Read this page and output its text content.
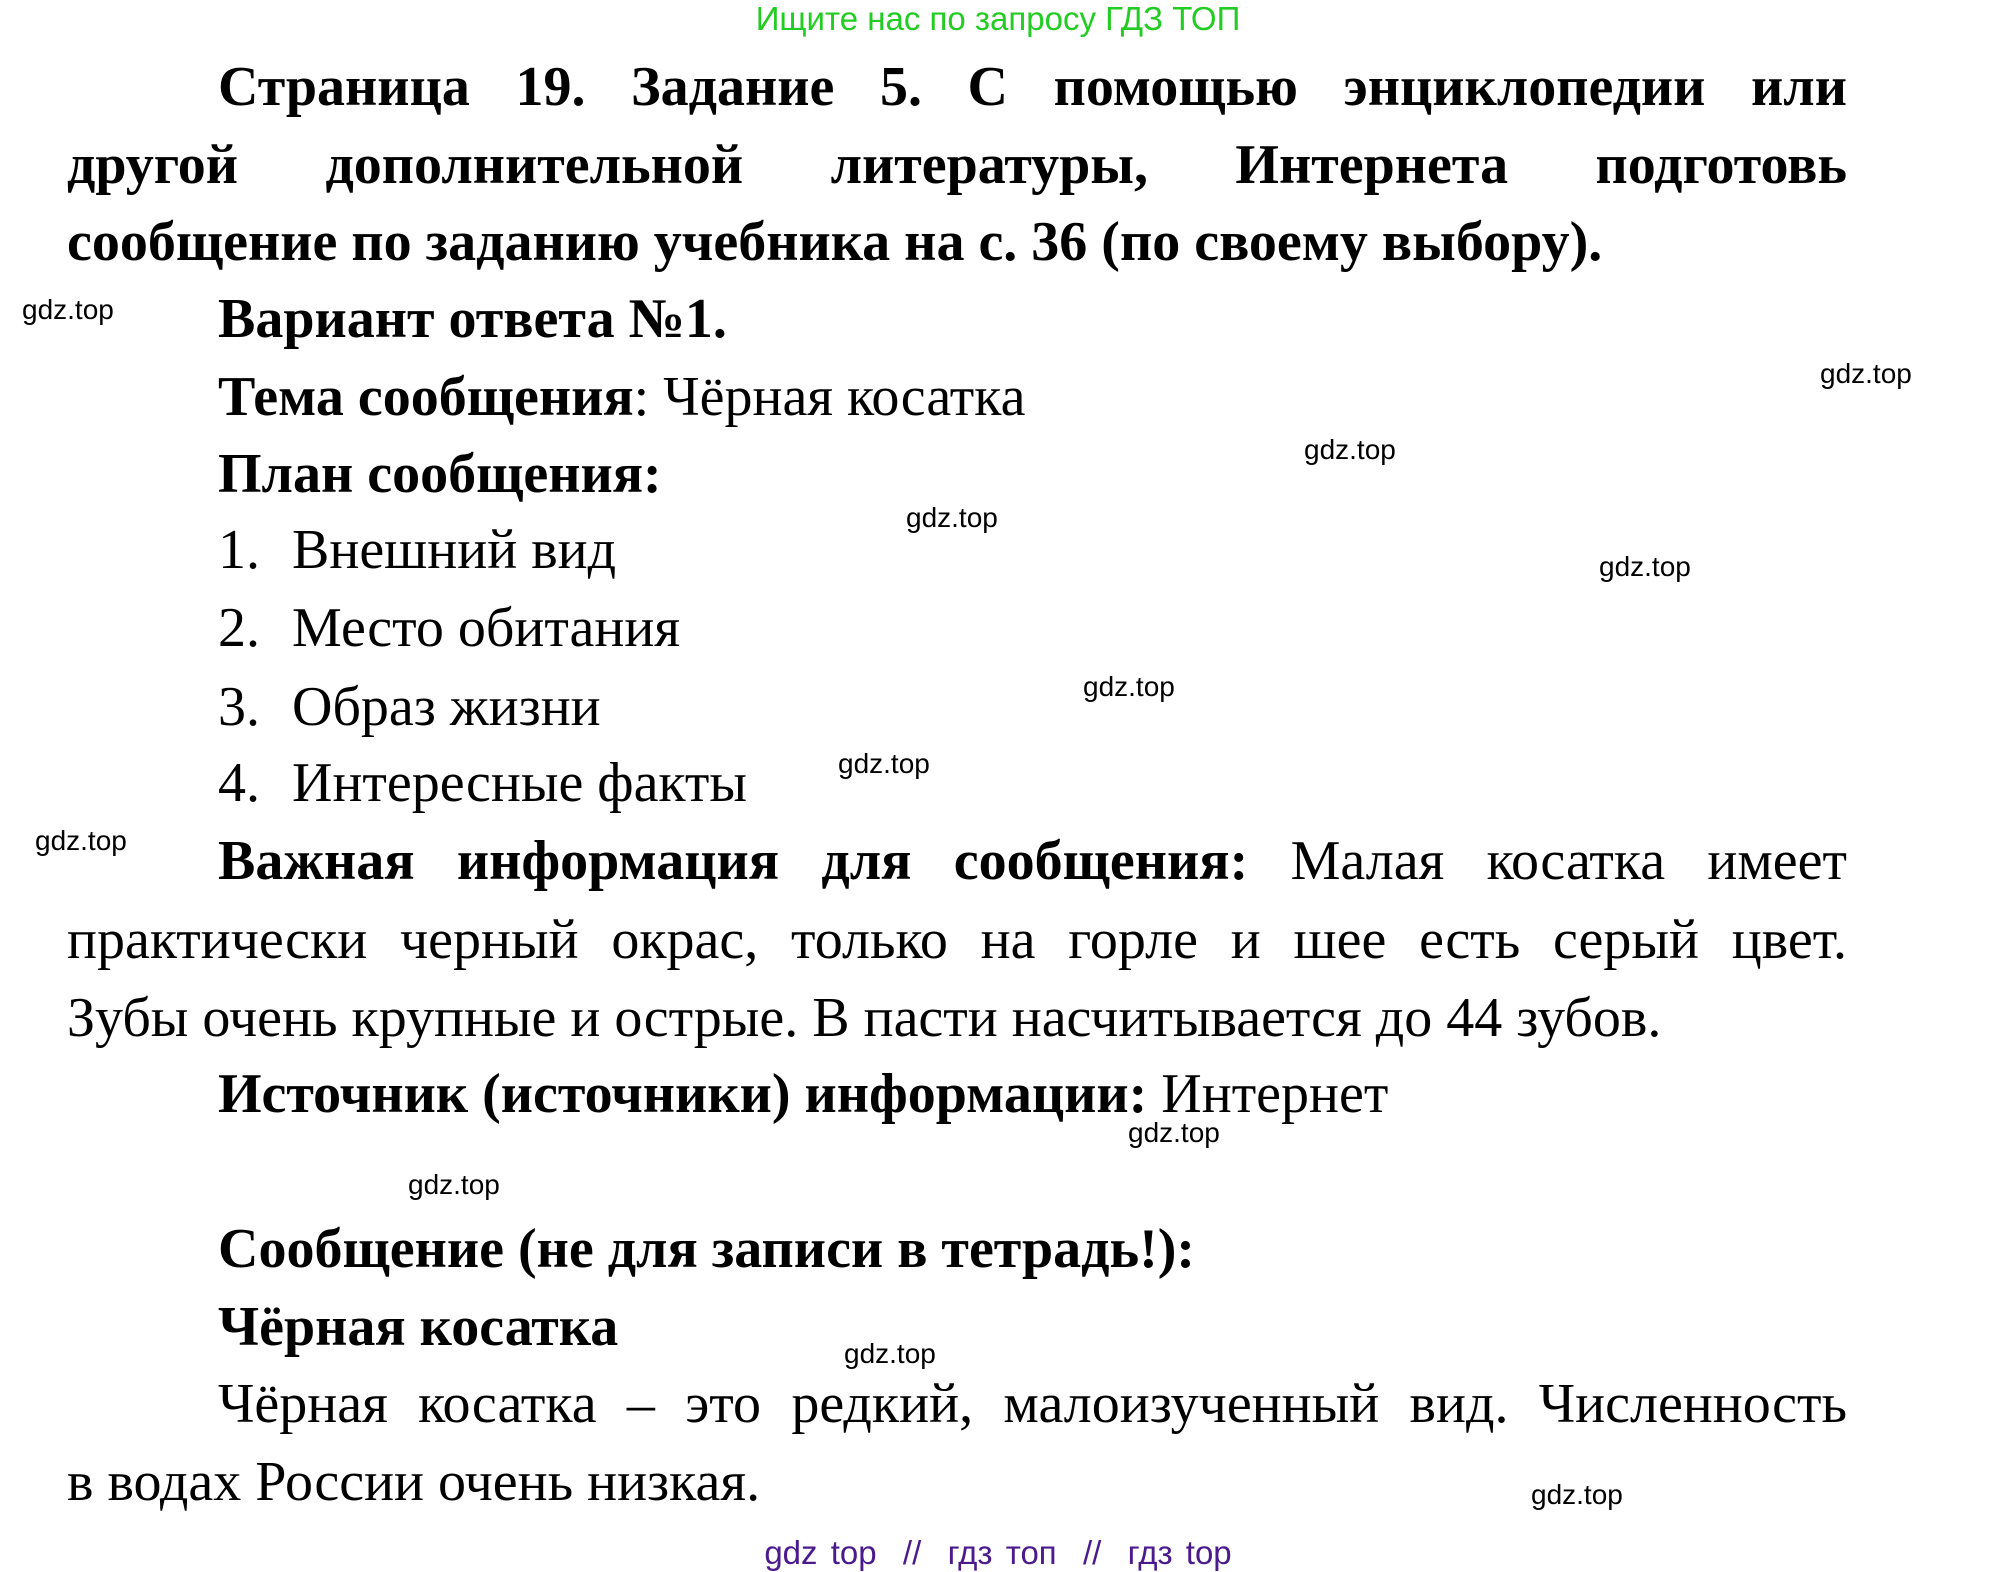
Ищите нас по запросу ГДЗ ТОП
Страница 19. Задание 5. С помощью энциклопедии или
другой дополнительной литературы, Интернета подготовь
сообщение по заданию учебника на с. 36 (по своему выбору).
Вариант ответа №1.
Тема сообщения: Чёрная косатка
План сообщения:
1. Внешний вид
2. Место обитания
3. Образ жизни
4. Интересные факты
Важная информация для сообщения: Малая косатка имеет
практически черный окрас, только на горле и шее есть серый цвет.
Зубы очень крупные и острые. В пасти насчитывается до 44 зубов.
Источник (источники) информации: Интернет
Сообщение (не для записи в тетрадь!):
Чёрная косатка
Чёрная косатка – это редкий, малоизученный вид. Численность
в водах России очень низкая.
gdz.top
gdz.top
gdz.top
gdz.top
gdz.top
gdz.top
gdz.top
gdz.top
gdz.top
gdz.top
gdz.top
gdz.top
gdz top  //  гдз топ  //  гдз top
